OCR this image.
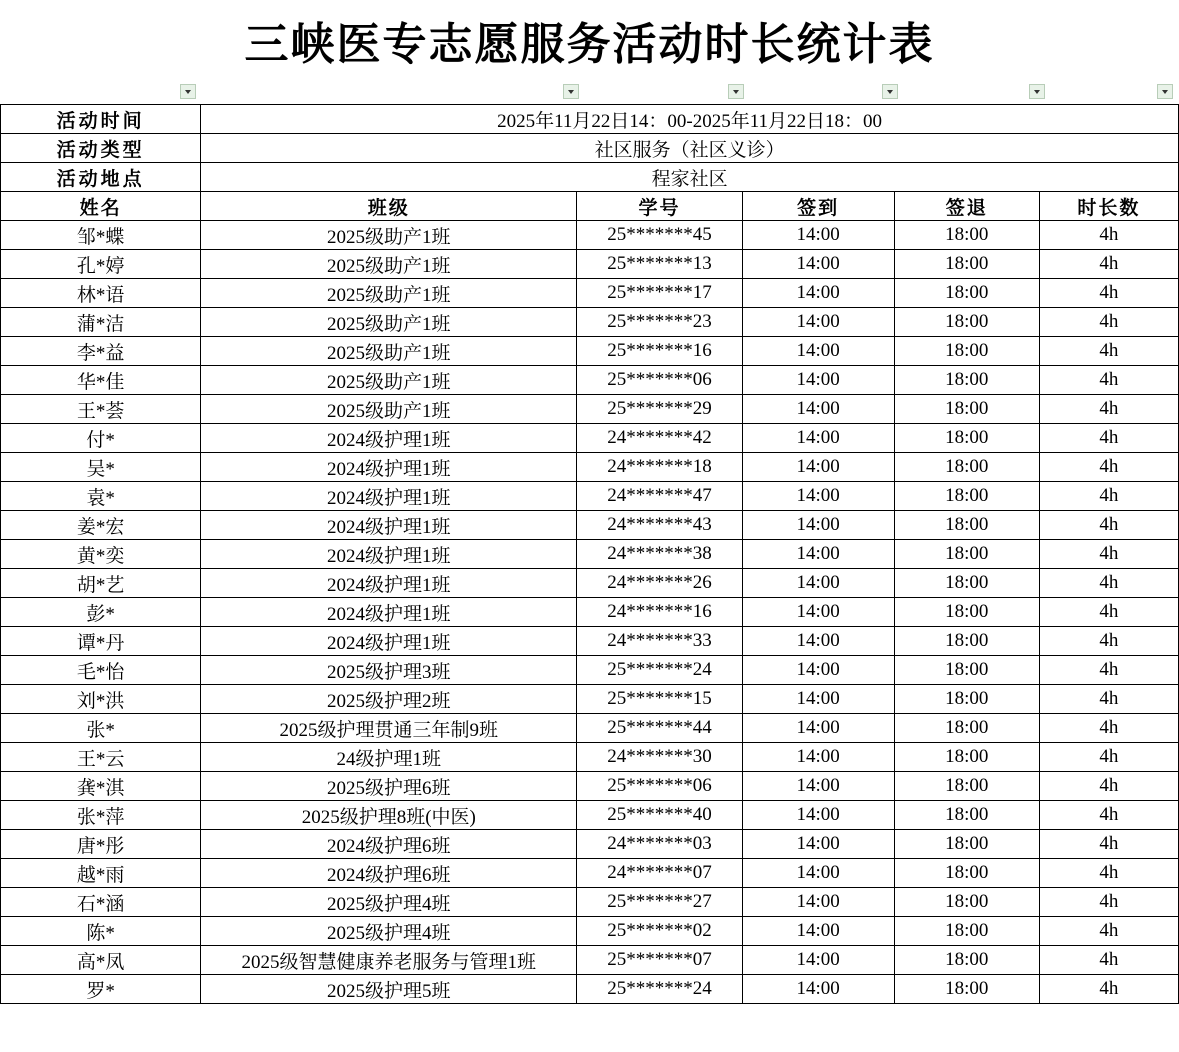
三峡医专志愿服务活动时长统计表
活动时间	2025年11月22日14：00-2025年11月22日18：00				
活动类型	社区服务（社区义诊）				
活动地点	程家社区				
姓名	班级	学号	签到	签退	时长数
邹*蝶	2025级助产1班	25*******45	14:00	18:00	4h
孔*婷	2025级助产1班	25*******13	14:00	18:00	4h
林*语	2025级助产1班	25*******17	14:00	18:00	4h
蒲*洁	2025级助产1班	25*******23	14:00	18:00	4h
李*益	2025级助产1班	25*******16	14:00	18:00	4h
华*佳	2025级助产1班	25*******06	14:00	18:00	4h
王*荟	2025级助产1班	25*******29	14:00	18:00	4h
付*	2024级护理1班	24*******42	14:00	18:00	4h
吴*	2024级护理1班	24*******18	14:00	18:00	4h
袁*	2024级护理1班	24*******47	14:00	18:00	4h
姜*宏	2024级护理1班	24*******43	14:00	18:00	4h
黄*奕	2024级护理1班	24*******38	14:00	18:00	4h
胡*艺	2024级护理1班	24*******26	14:00	18:00	4h
彭*	2024级护理1班	24*******16	14:00	18:00	4h
谭*丹	2024级护理1班	24*******33	14:00	18:00	4h
毛*怡	2025级护理3班	25*******24	14:00	18:00	4h
刘*洪	2025级护理2班	25*******15	14:00	18:00	4h
张*	2025级护理贯通三年制9班	25*******44	14:00	18:00	4h
王*云	24级护理1班	24*******30	14:00	18:00	4h
龚*淇	2025级护理6班	25*******06	14:00	18:00	4h
张*萍	2025级护理8班(中医)	25*******40	14:00	18:00	4h
唐*彤	2024级护理6班	24*******03	14:00	18:00	4h
越*雨	2024级护理6班	24*******07	14:00	18:00	4h
石*涵	2025级护理4班	25*******27	14:00	18:00	4h
陈*	2025级护理4班	25*******02	14:00	18:00	4h
高*凤	2025级智慧健康养老服务与管理1班	25*******07	14:00	18:00	4h
罗*	2025级护理5班	25*******24	14:00	18:00	4h
